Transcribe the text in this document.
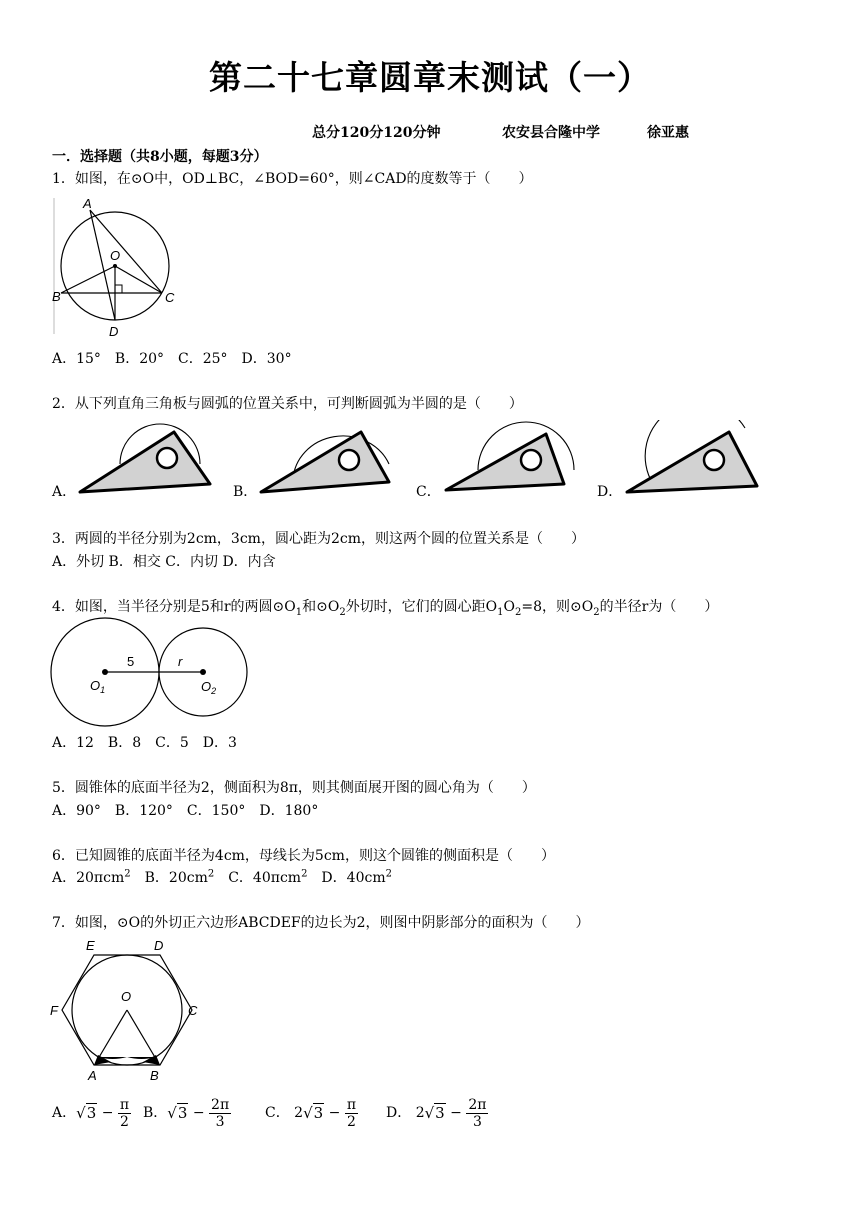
第二十七章圆章末测试（一）
总分120分120分钟	农安县合隆中学	徐亚惠
一．选择题（共8小题，每题3分）
1．如图，在⊙O中，OD⊥BC，∠BOD=60°，则∠CAD的度数等于（　　）
A
O
B	C
D
A．15°　B．20°　C．25°　D．30°
2．从下列直角三角板与圆弧的位置关系中，可判断圆弧为半圆的是（　　）
A．	B．	C．	D．
3．两圆的半径分别为2cm，3cm，圆心距为2cm，则这两个圆的位置关系是（　　）
A．外切 B．相交 C．内切 D．内含
4．如图，当半径分别是5和r的两圆$⊙O_1$和$⊙O_2$外切时，它们的圆心距$O_1O_2=8$，则$⊙O_2$的半径r为（　　）
5	r
$O_1$	$O_2$
A．12　B．8　C．5　D．3
5．圆锥体的底面半径为2，侧面积为8π，则其侧面展开图的圆心角为（　　）
A．90°　B．120°　C．150°　D．180°
6．已知圆锥的底面半径为4cm，母线长为5cm，则这个圆锥的侧面积是（　　）
A．20πcm$^2$　B．$20cm^2$　C．40πcm$^2$　D．$40cm^2$
7．如图，⊙O的外切正六边形ABCDEF的边长为2，则图中阴影部分的面积为（　　）
E	D
F	C
O
A	B
A．$√3 - \frac{\pi}{2}$ B．$√3 - \frac{2\pi}{3}$ C． $2√3 - \frac{\pi}{2}$ D． $2√3 - \frac{2\pi}{3}$
